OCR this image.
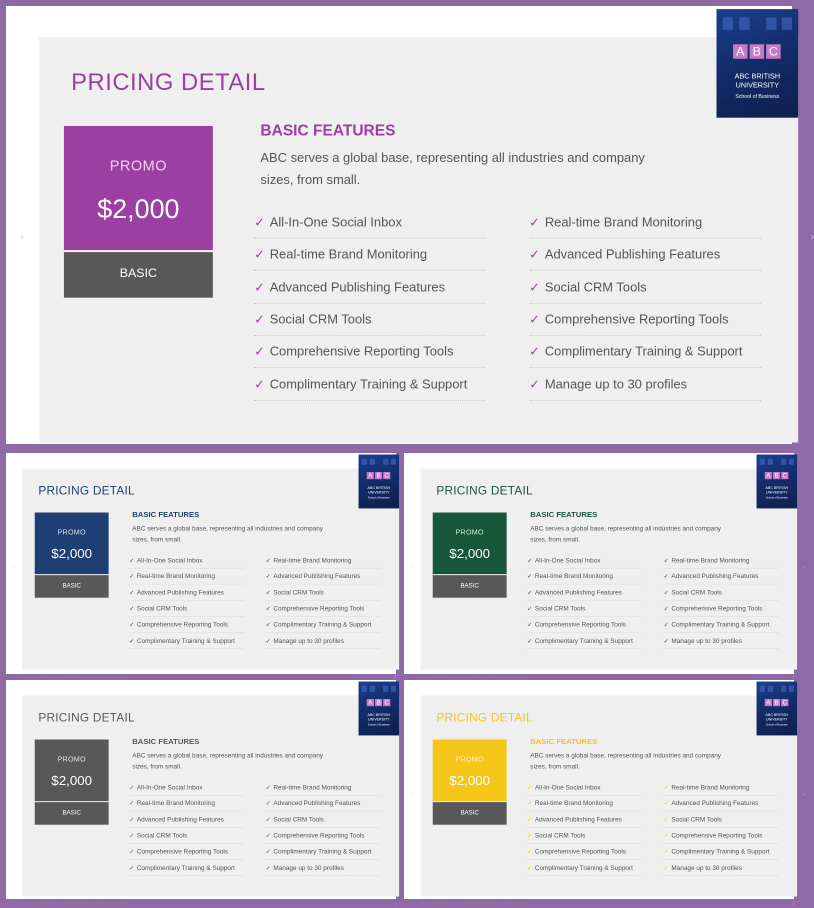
‹	›
PRICING DETAIL
A B C
ABC BRITISH
UNIVERSITY
School of Business
PROMO
$2,000
BASIC
BASIC FEATURES
ABC serves a global base, representing all industries and company sizes, from small.
✓ All-In-One Social Inbox
✓ Real-time Brand Monitoring
✓ Advanced Publishing Features
✓ Social CRM Tools
✓ Comprehensive Reporting Tools
✓ Complimentary Training & Support
✓ Real-time Brand Monitoring
✓ Advanced Publishing Features
✓ Social CRM Tools
✓ Comprehensive Reporting Tools
✓ Complimentary Training & Support
✓ Manage up to 30 profiles
‹
PRICING DETAIL
A B C
ABC BRITISH
UNIVERSITY
School of Business
PROMO
$2,000
BASIC
BASIC FEATURES
ABC serves a global base, representing all industries and company sizes, from small.
✓ All-In-One Social Inbox
✓ Real-time Brand Monitoring
✓ Advanced Publishing Features
✓ Social CRM Tools
✓ Comprehensive Reporting Tools
✓ Complimentary Training & Support
✓ Real-time Brand Monitoring
✓ Advanced Publishing Features
✓ Social CRM Tools
✓ Comprehensive Reporting Tools
✓ Complimentary Training & Support
✓ Manage up to 30 profiles
ABC UNIVERSITY - INFORMATION AND PUBLICATION	1
‹	›
PRICING DETAIL
A B C
ABC BRITISH
UNIVERSITY
School of Business
PROMO
$2,000
BASIC
BASIC FEATURES
ABC serves a global base, representing all industries and company sizes, from small.
✓ All-In-One Social Inbox
✓ Real-time Brand Monitoring
✓ Advanced Publishing Features
✓ Social CRM Tools
✓ Comprehensive Reporting Tools
✓ Complimentary Training & Support
✓ Real-time Brand Monitoring
✓ Advanced Publishing Features
✓ Social CRM Tools
✓ Comprehensive Reporting Tools
✓ Complimentary Training & Support
✓ Manage up to 30 profiles
ABC UNIVERSITY - INFORMATION AND PUBLICATION	1
‹
PRICING DETAIL
A B C
ABC BRITISH
UNIVERSITY
School of Business
PROMO
$2,000
BASIC
BASIC FEATURES
ABC serves a global base, representing all industries and company sizes, from small.
✓ All-In-One Social Inbox
✓ Real-time Brand Monitoring
✓ Advanced Publishing Features
✓ Social CRM Tools
✓ Comprehensive Reporting Tools
✓ Complimentary Training & Support
✓ Real-time Brand Monitoring
✓ Advanced Publishing Features
✓ Social CRM Tools
✓ Comprehensive Reporting Tools
✓ Complimentary Training & Support
✓ Manage up to 30 profiles
ABC UNIVERSITY - INFORMATION AND PUBLICATION	1
‹	›
PRICING DETAIL
A B C
ABC BRITISH
UNIVERSITY
School of Business
PROMO
$2,000
BASIC
BASIC FEATURES
ABC serves a global base, representing all industries and company sizes, from small.
✓ All-In-One Social Inbox
✓ Real-time Brand Monitoring
✓ Advanced Publishing Features
✓ Social CRM Tools
✓ Comprehensive Reporting Tools
✓ Complimentary Training & Support
✓ Real-time Brand Monitoring
✓ Advanced Publishing Features
✓ Social CRM Tools
✓ Comprehensive Reporting Tools
✓ Complimentary Training & Support
✓ Manage up to 30 profiles
ABC UNIVERSITY - INFORMATION AND PUBLICATION	1
